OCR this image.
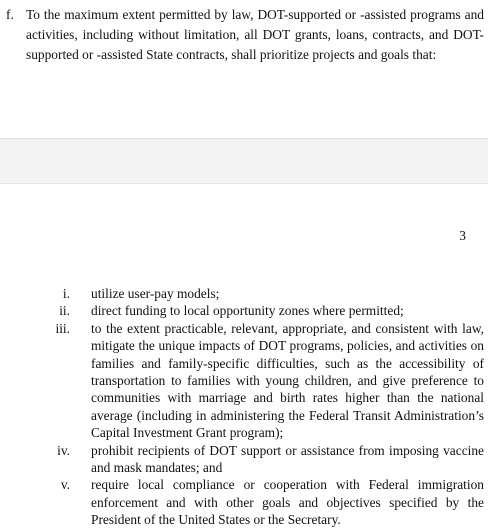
f. To the maximum extent permitted by law, DOT-supported or -assisted programs and activities, including without limitation, all DOT grants, loans, contracts, and DOT-supported or -assisted State contracts, shall prioritize projects and goals that:
3
i. utilize user-pay models;
ii. direct funding to local opportunity zones where permitted;
iii. to the extent practicable, relevant, appropriate, and consistent with law, mitigate the unique impacts of DOT programs, policies, and activities on families and family-specific difficulties, such as the accessibility of transportation to families with young children, and give preference to communities with marriage and birth rates higher than the national average (including in administering the Federal Transit Administration’s Capital Investment Grant program);
iv. prohibit recipients of DOT support or assistance from imposing vaccine and mask mandates; and
v. require local compliance or cooperation with Federal immigration enforcement and with other goals and objectives specified by the President of the United States or the Secretary.
